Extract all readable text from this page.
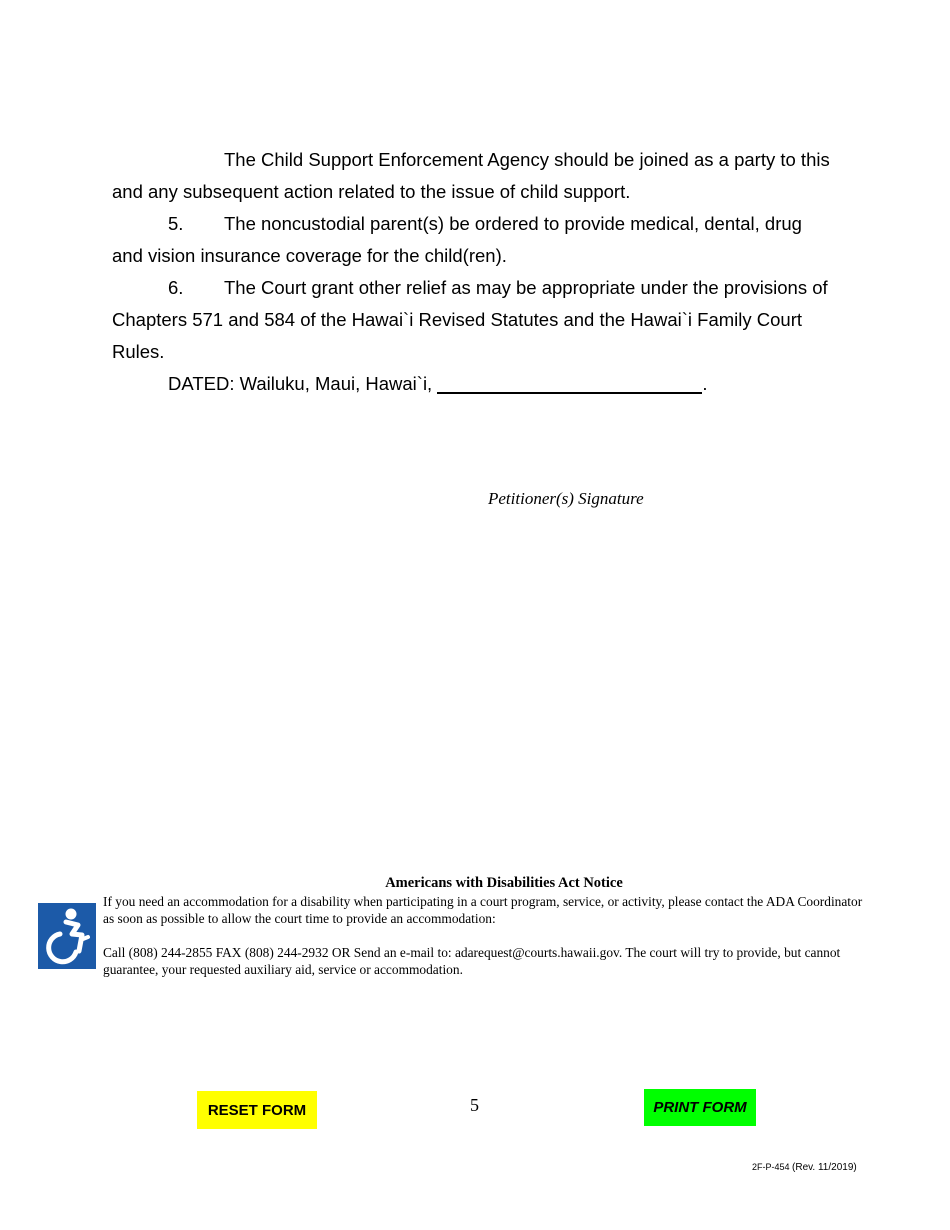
The Child Support Enforcement Agency should be joined as a party to this
and any subsequent action related to the issue of child support.
5. The noncustodial parent(s) be ordered to provide medical, dental, drug
and vision insurance coverage for the child(ren).
6. The Court grant other relief as may be appropriate under the provisions of
Chapters 571 and 584 of the Hawai`i Revised Statutes and the Hawai`i Family Court
Rules.
DATED: Wailuku, Maui, Hawai`i,	.
Petitioner(s) Signature
Americans with Disabilities Act Notice

If you need an accommodation for a disability when participating in a court program, service, or activity, please contact the ADA Coordinator
as soon as possible to allow the court time to provide an accommodation:

Call (808) 244-2855 FAX (808) 244-2932 OR Send an e-mail to: adarequest@courts.hawaii.gov. The court will try to provide, but cannot
guarantee, your requested auxiliary aid, service or accommodation.

RESET FORM	5	PRINT FORM
2F-P-454 (Rev. 11/2019)
